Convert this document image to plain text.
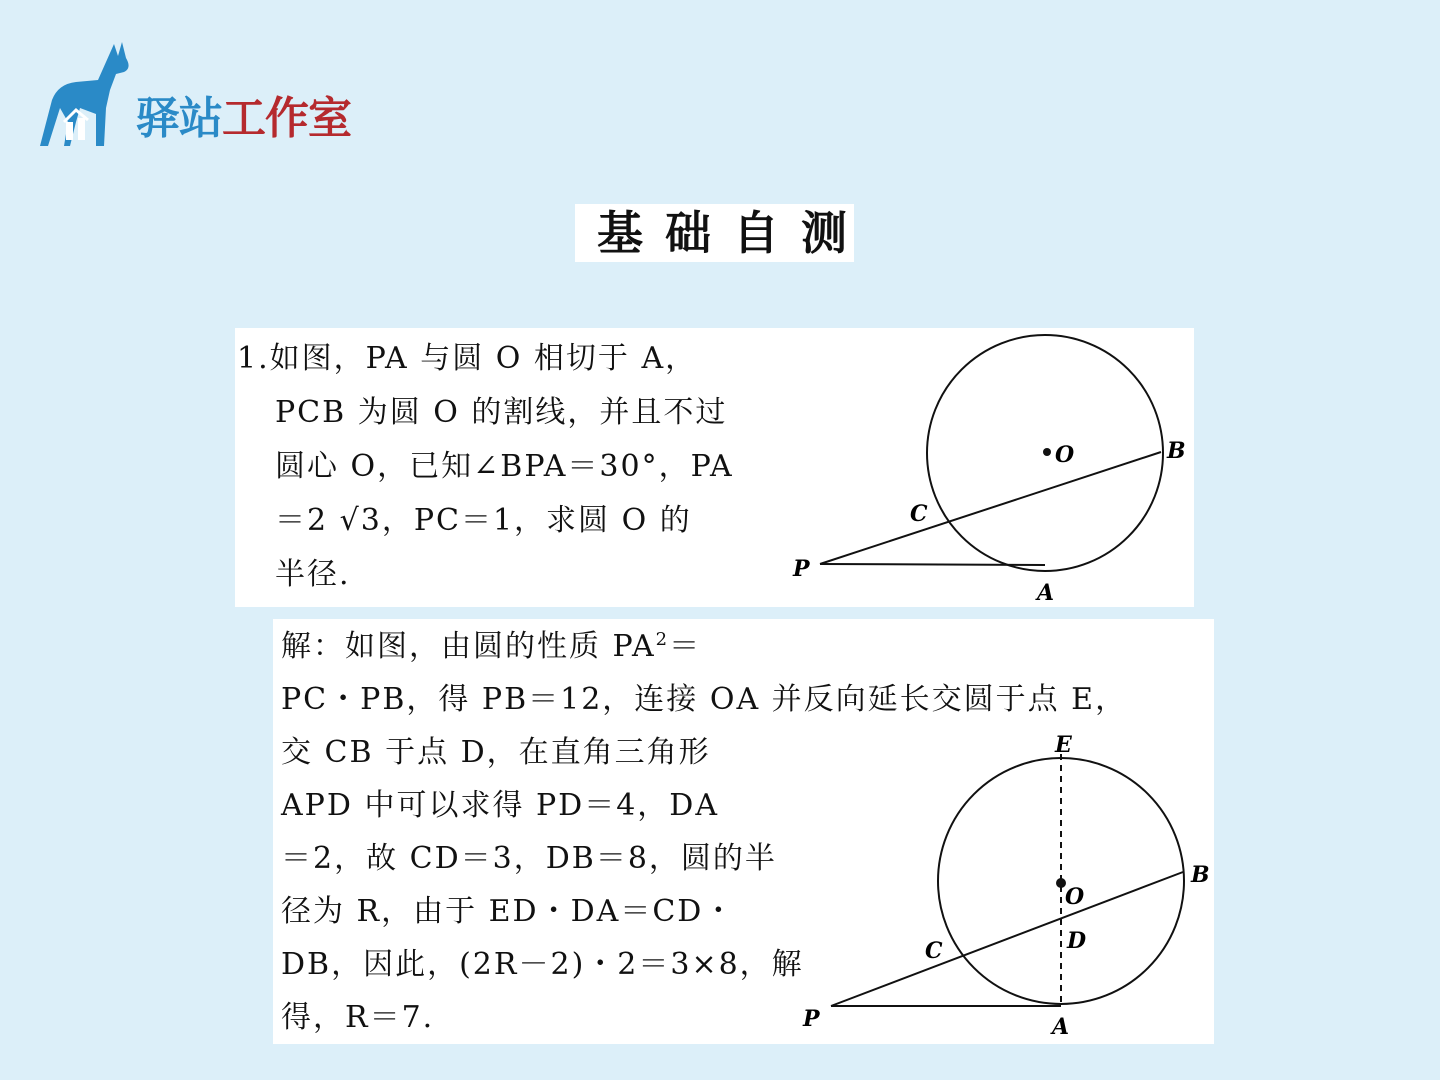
驿站工作室
基础自测
1.如图，PA 与圆 O 相切于 A，
PCB 为圆 O 的割线，并且不过
圆心 O，已知∠BPA＝30°，PA
＝2 √3，PC＝1，求圆 O 的
半径.
O	B
C
P
A
解：如图，由圆的性质 $PA^2=$
PC・PB，得 PB＝12，连接 OA 并反向延长交圆于点 E，
交 CB 于点 D，在直角三角形
APD 中可以求得 PD＝4，DA
＝2，故 CD＝3，DB＝8，圆的半
径为 R，由于 ED・DA＝CD・
DB，因此，(2R－2)・2＝3×8，解
得，R＝7.
E
O
B
D
C
P	A
